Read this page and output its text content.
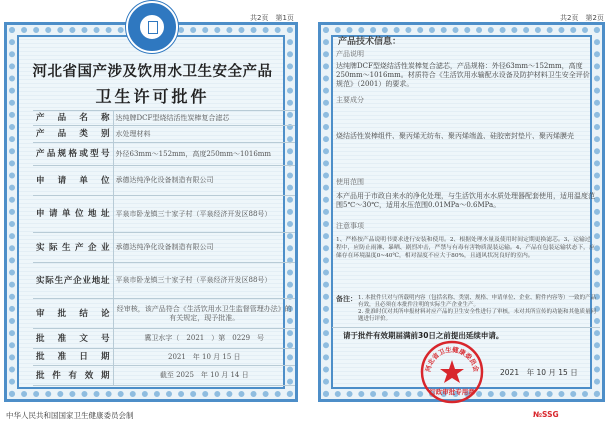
共2页　第1页
河北省国产涉及饮用水卫生安全产品
卫生许可批件
产品名称	达纯牌DCF型烧结活性炭棒复合滤芯
产品类别	水处理材料
产品规格或型号	外径63mm～152mm，高度250mm～1016mm
申请单位	承德达纯净化设备制造有限公司
申请单位地址	平泉市卧龙镇三十家子村（平泉经济开发区88号）
实际生产企业	承德达纯净化设备制造有限公司
实际生产企业地址	平泉市卧龙镇三十家子村（平泉经济开发区88号）
审批结论	经审核，该产品符合《生活饮用水卫生监督管理办法》的有关规定，现予批准。
批准文号	冀卫水字（　2021　）第　0229　号
批准日期	2021　年 10 月 15 日
批件有效期	截至 2025　年 10 月 14 日
中华人民共和国国家卫生健康委员会制
共2页　第2页
产品技术信息：
产品说明
达纯牌DCF型烧结活性炭棒复合滤芯，产品规格：外径63mm～152mm，高度250mm～1016mm。材质符合《生活饮用水输配水设备及防护材料卫生安全评价规范》（2001）的要求。
主要成分
烧结活性炭棒组件、聚丙烯无纺布、聚丙烯端盖、硅胶密封垫片、聚丙烯膜壳
使用范围
本产品用于市政自来水的净化处理，与生活饮用水水质处理器配套使用，适用温度范围5℃～30℃，适用水压范围0.01MPa～0.6MPa。
注意事项
1、严格按产品说明书要求进行安装和使用。2、根据处理水量及使用时间定期更换滤芯。3、运输过程中，应防止雨淋、暴晒、剧烈冲击，严禁与有毒有害物质混装运输。4、产品在包装运输状态下，应储存在环境温度0~40℃，相对湿度不应大于80%，且通风状况良好的室内。
备注： 1. 本批件只对与所载明内容（包括名称、类别、规格、申请单位、企业、附件内容等）一致的产品有效，且必须在本批件注明的实际生产企业生产。
2. 批准时仅对其所申报材料对应产品的卫生安全性进行了审核，未对其所宣传的功能和其他质量问题进行评价。
请于批件有效期届满前30日之前提出延续申请。
2021　年 10 月 15 日
河北省卫生健康委员会
行政审批专用章
№SSG
